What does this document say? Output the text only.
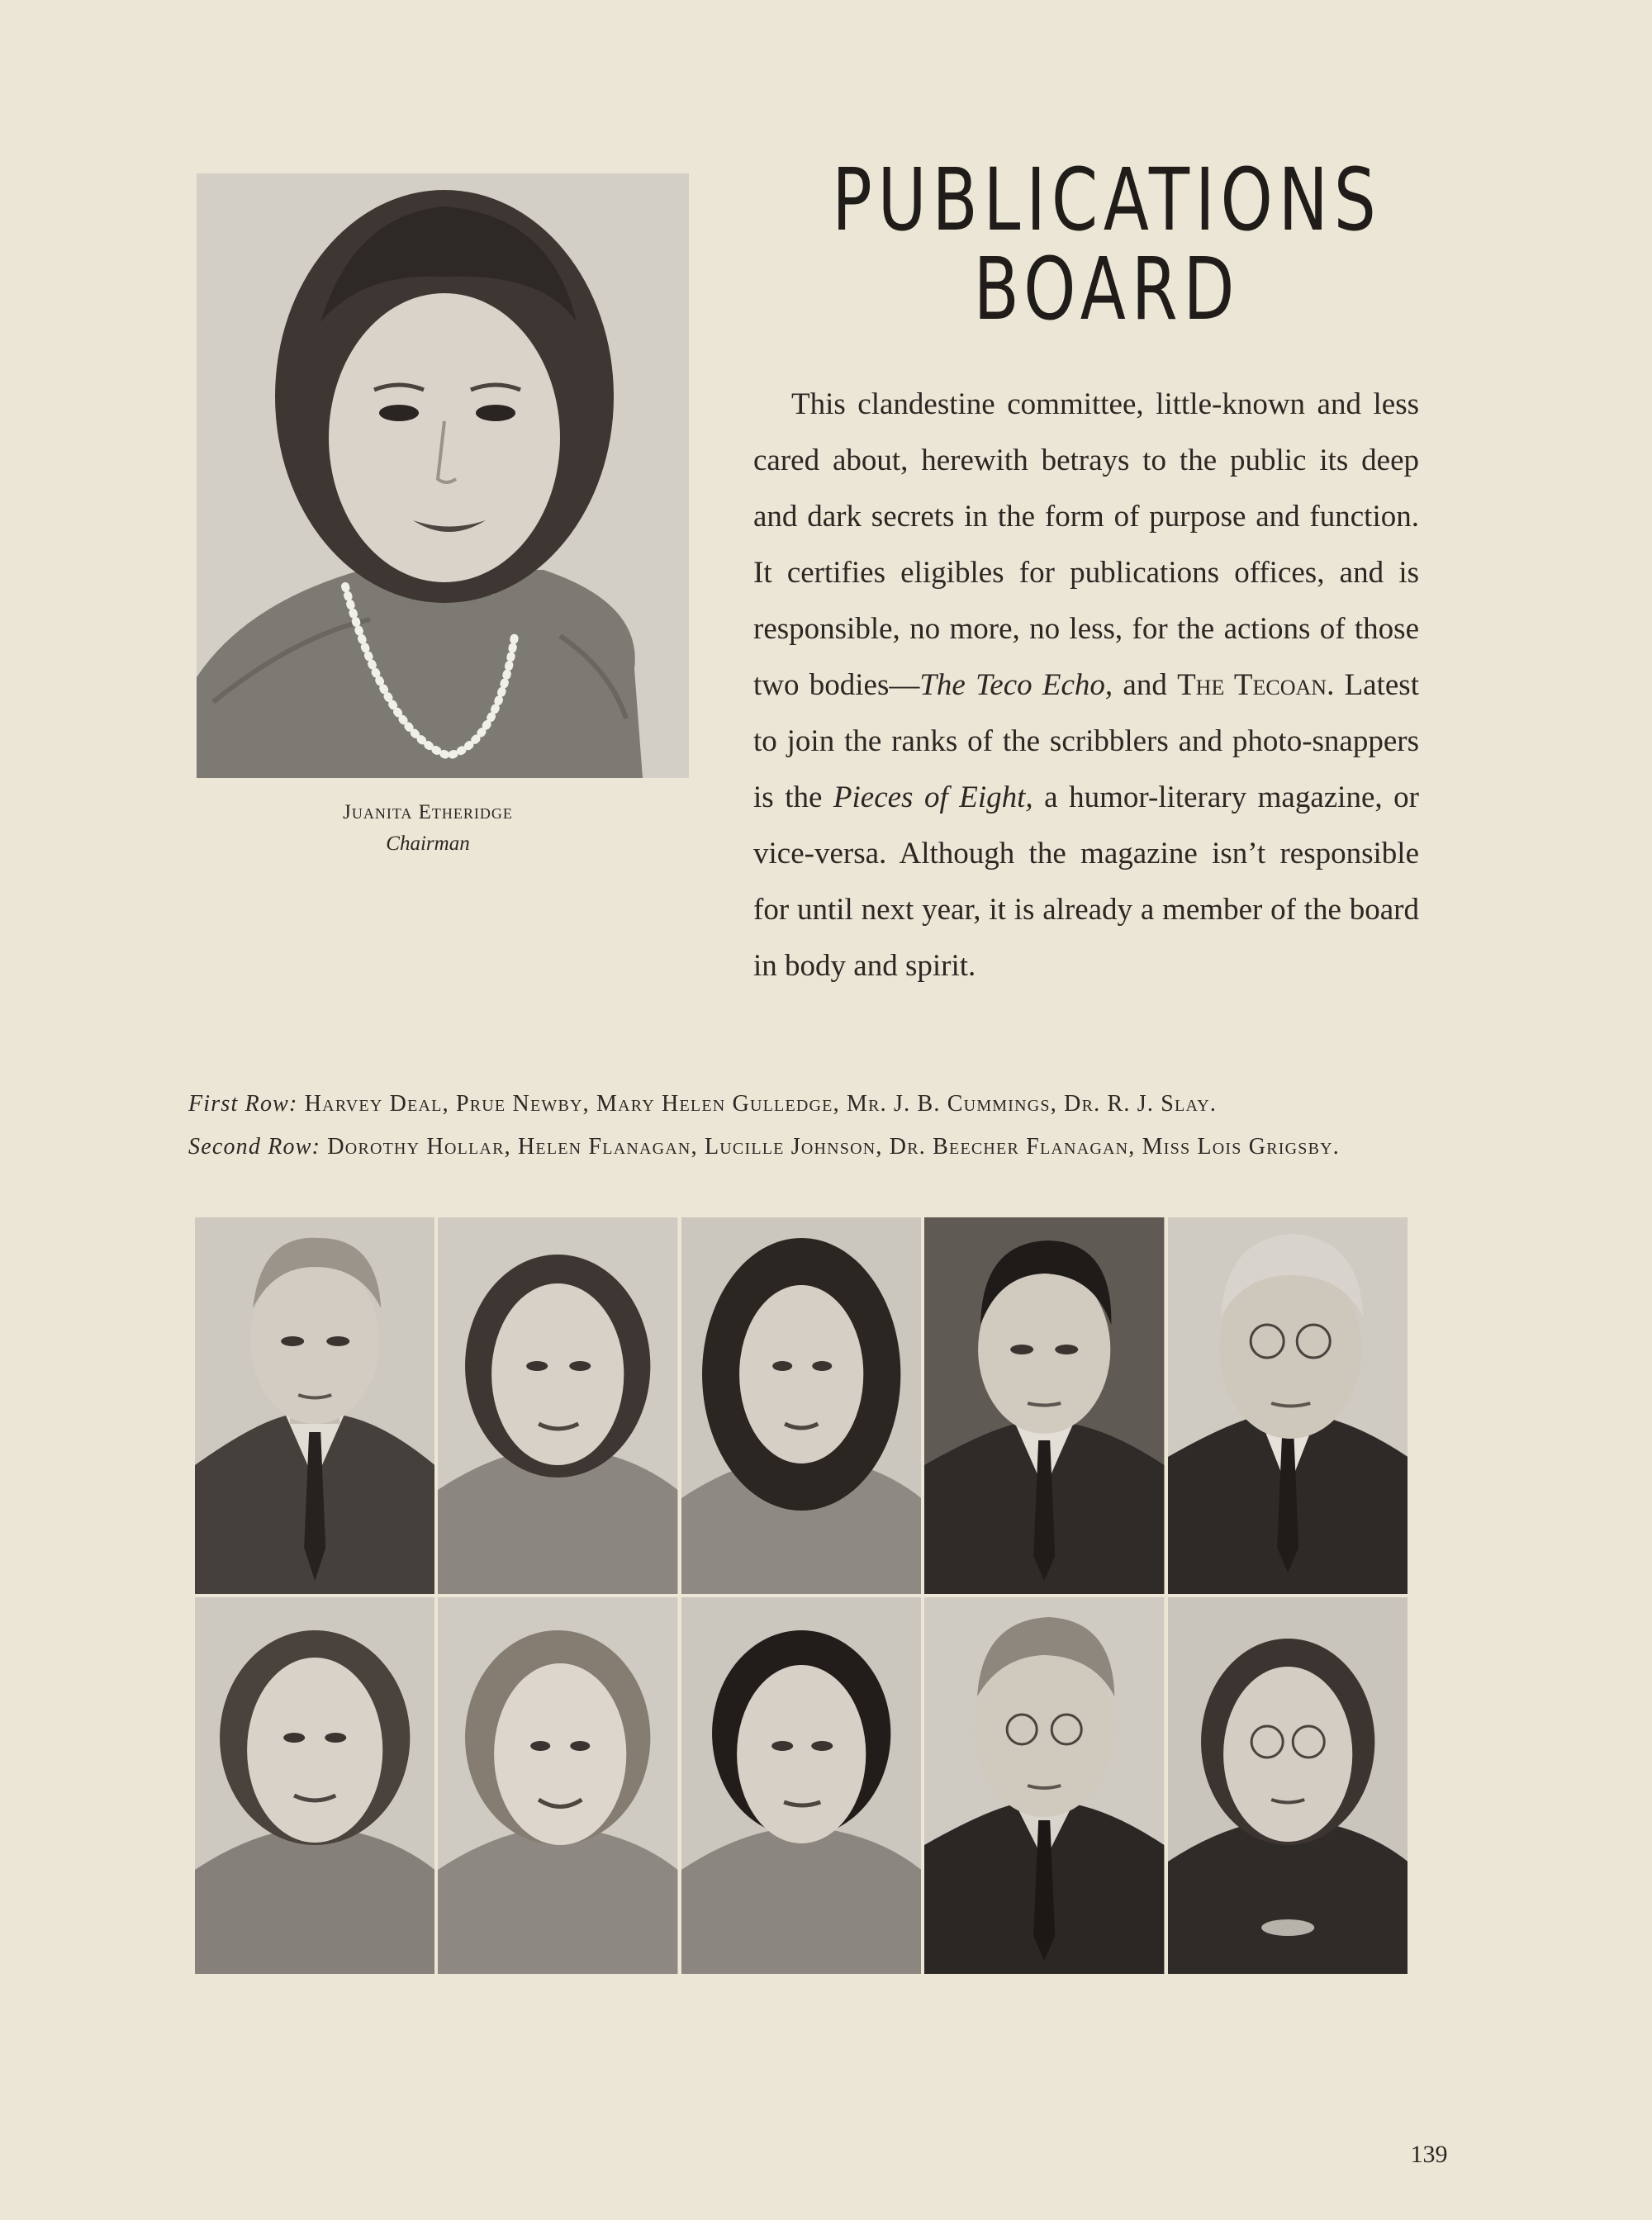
Juanita Etheridge
Chairman
PUBLICATIONS
BOARD
This clandestine committee, little-known and less cared about, herewith betrays to the public its deep and dark secrets in the form of purpose and function. It certifies eligibles for publications offices, and is responsible, no more, no less, for the actions of those two bodies—The Teco Echo, and The Tecoan. Latest to join the ranks of the scribblers and photo-snappers is the Pieces of Eight, a humor-literary magazine, or vice-versa. Although the magazine isn’t responsible for until next year, it is already a member of the board in body and spirit.
First Row: Harvey Deal, Prue Newby, Mary Helen Gulledge, Mr. J. B. Cummings, Dr. R. J. Slay.
Second Row: Dorothy Hollar, Helen Flanagan, Lucille Johnson, Dr. Beecher Flanagan, Miss Lois Grigsby.
139
